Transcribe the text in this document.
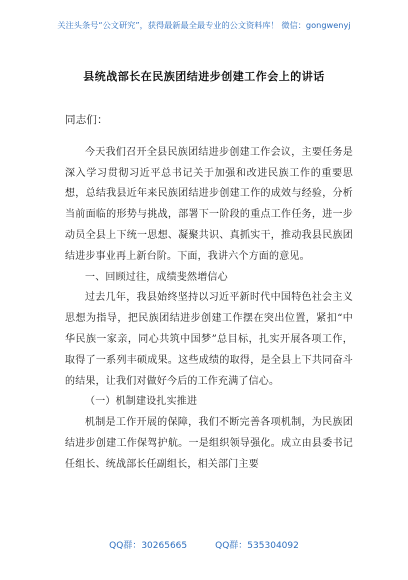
关注头条号“公文研究”，获得最新最全最专业的公文资料库！ 微信：gongwenyj
县统战部长在民族团结进步创建工作会上的讲话

同志们：

今天我们召开全县民族团结进步创建工作会议，主要任务是深入学习贯彻习近平总书记关于加强和改进民族工作的重要思想，总结我县近年来民族团结进步创建工作的成效与经验，分析当前面临的形势与挑战，部署下一阶段的重点工作任务，进一步动员全县上下统一思想、凝聚共识、真抓实干，推动我县民族团结进步事业再上新台阶。下面，我讲六个方面的意见。

一、回顾过往，成绩斐然增信心

过去几年，我县始终坚持以习近平新时代中国特色社会主义思想为指导，把民族团结进步创建工作摆在突出位置，紧扣“中华民族一家亲，同心共筑中国梦”总目标，扎实开展各项工作，取得了一系列丰硕成果。这些成绩的取得，是全县上下共同奋斗的结果，让我们对做好今后的工作充满了信心。

（一）机制建设扎实推进

机制是工作开展的保障，我们不断完善各项机制，为民族团结进步创建工作保驾护航。一是组织领导强化。成立由县委书记任组长、统战部长任副组长，相关部门主要

QQ群：30265665	QQ群：535304092
